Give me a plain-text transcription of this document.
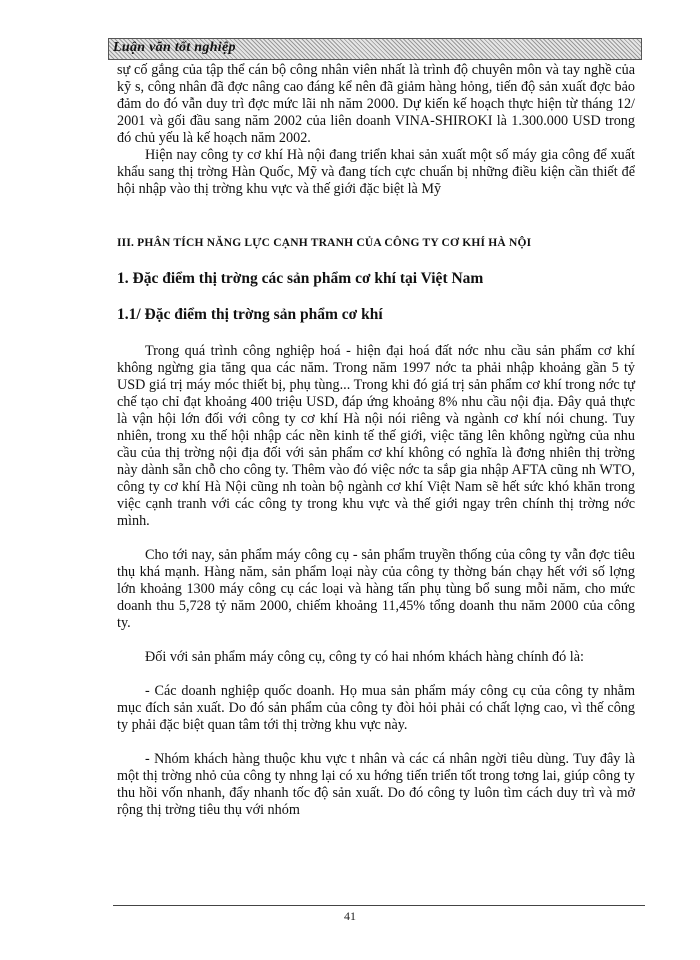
Luận văn tốt nghiệp

sự cố gắng của tập thể cán bộ công nhân viên nhất là trình độ chuyên môn và tay nghề của kỹ s, công nhân đã đợc nâng cao đáng kể nên đã giảm hàng hỏng, tiến độ sản xuất đợc bảo đảm do đó vẫn duy trì đợc mức lãi nh năm 2000. Dự kiến kế hoạch thực hiện từ tháng 12/ 2001 và gối đầu sang năm 2002 của liên doanh VINA-SHIROKI là 1.300.000 USD trong đó chủ yếu là kế hoạch năm 2002.

Hiện nay công ty cơ khí Hà nội đang triển khai sản xuất một số máy gia công để xuất khẩu sang thị trờng Hàn Quốc, Mỹ và đang tích cực chuẩn bị những điều kiện cần thiết để hội nhập vào thị trờng khu vực và thế giới đặc biệt là Mỹ

III. PHÂN TÍCH NĂNG LỰC CẠNH TRANH CỦA CÔNG TY CƠ KHÍ HÀ NỘI

1. Đặc điểm thị trờng các sản phẩm cơ khí tại Việt Nam

1.1/ Đặc điểm thị trờng sản phẩm cơ khí

Trong quá trình công nghiệp hoá - hiện đại hoá đất nớc nhu cầu sản phẩm cơ khí không ngừng gia tăng qua các năm. Trong năm 1997 nớc ta phải nhập khoảng gần 5 tỷ USD giá trị máy móc thiết bị, phụ tùng... Trong khi đó giá trị sản phẩm cơ khí trong nớc tự chế tạo chỉ đạt khoảng 400 triệu USD, đáp ứng khoảng 8% nhu cầu nội địa. Đây quả thực là vận hội lớn đối với công ty cơ khí Hà nội nói riêng và ngành cơ khí nói chung. Tuy nhiên, trong xu thế hội nhập các nền kinh tế thế giới, việc tăng lên không ngừng của nhu cầu của thị trờng nội địa đối với sản phẩm cơ khí không có nghĩa là đơng nhiên thị trờng này dành sẵn chỗ cho công ty. Thêm vào đó việc nớc ta sắp gia nhập AFTA cũng nh WTO, công ty cơ khí Hà Nội cũng nh toàn bộ ngành cơ khí Việt Nam sẽ hết sức khó khăn trong việc cạnh tranh với các công ty trong khu vực và thế giới ngay trên chính thị trờng nớc mình.

Cho tới nay, sản phẩm máy công cụ - sản phẩm truyền thống của công ty vẫn đợc tiêu thụ khá mạnh. Hàng năm, sản phẩm loại này của công ty thờng bán chạy hết với số lợng lớn khoảng 1300 máy công cụ các loại và hàng tấn phụ tùng bổ sung mỗi năm, cho mức doanh thu 5,728 tỷ năm 2000, chiếm khoảng 11,45% tổng doanh thu năm 2000 của công ty.

Đối với sản phẩm máy công cụ, công ty có hai nhóm khách hàng chính đó là:

- Các doanh nghiệp quốc doanh. Họ mua sản phẩm máy công cụ của công ty nhằm mục đích sản xuất. Do đó sản phẩm của công ty đòi hỏi phải có chất lợng cao, vì thế công ty phải đặc biệt quan tâm tới thị trờng khu vực này.

- Nhóm khách hàng thuộc khu vực t nhân và các cá nhân ngời tiêu dùng. Tuy đây là một thị trờng nhỏ của công ty nhng lại có xu hớng tiến triển tốt trong tơng lai, giúp công ty thu hồi vốn nhanh, đẩy nhanh tốc độ sản xuất. Do đó công ty luôn tìm cách duy trì và mở rộng thị trờng tiêu thụ với nhóm

41
